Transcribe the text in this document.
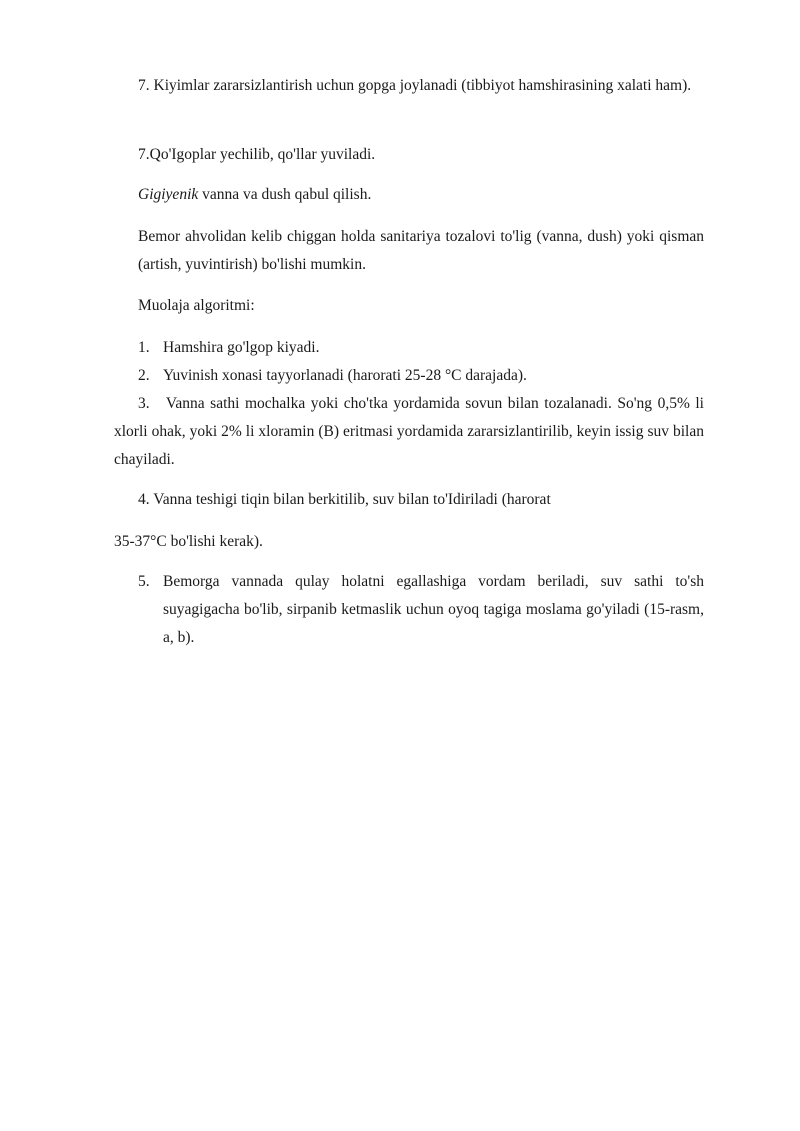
7. Kiyimlar zararsizlantirish uchun gopga joylanadi (tibbiyot hamshirasining xalati ham).

7.Qo'Igoplar yechilib, qo'llar yuviladi.

Gigiyenik vanna va dush qabul qilish.

Bemor ahvolidan kelib chiggan holda sanitariya tozalovi to'lig (vanna, dush) yoki qisman (artish, yuvintirish) bo'lishi mumkin.

Muolaja algoritmi:

1. Hamshira go'lgop kiyadi.

2. Yuvinish xonasi tayyorlanadi (harorati 25-28 °C darajada).

3.   Vanna sathi mochalka yoki cho'tka yordamida sovun bilan tozalanadi. So'ng 0,5% li xlorli ohak, yoki 2% li xloramin (B) eritmasi yordamida zararsizlantirilib, keyin issig suv bilan chayiladi.

4. Vanna teshigi tiqin bilan berkitilib, suv bilan to'Idiriladi (harorat

35-37°C bo'lishi kerak).

5. Bemorga vannada qulay holatni egallashiga vordam beriladi, suv sathi to'sh suyagigacha bo'lib, sirpanib ketmaslik uchun oyoq tagiga moslama go'yiladi (15-rasm, a, b).
